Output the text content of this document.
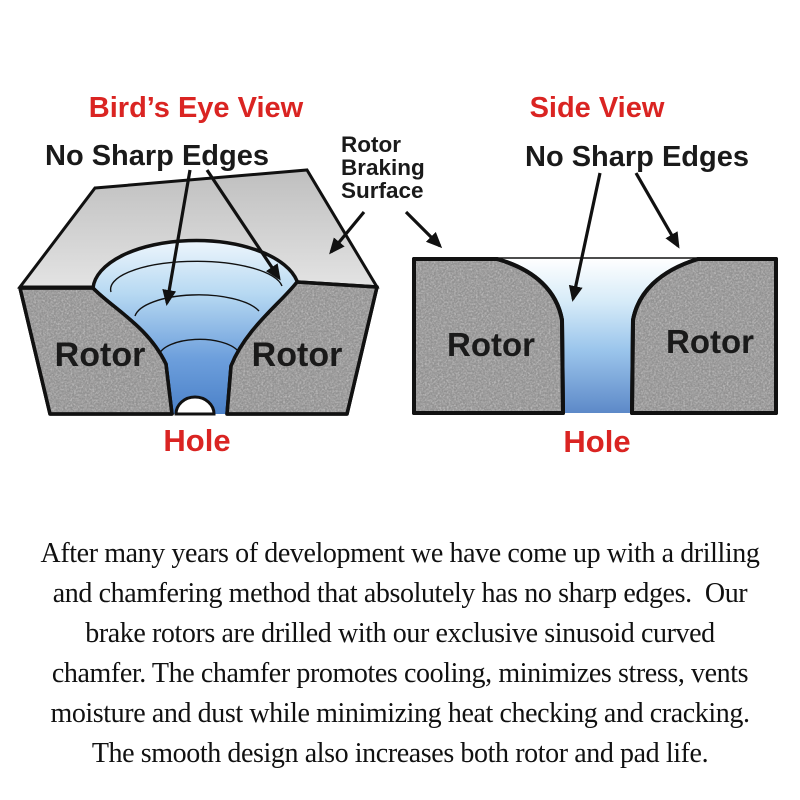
Bird’s Eye View
No Sharp Edges	Rotor Braking Surface
Side View
No Sharp Edges
Rotor	Rotor	Rotor	Rotor
Hole	Hole
After many years of development we have come up with a drilling
and chamfering method that absolutely has no sharp edges.  Our
brake rotors are drilled with our exclusive sinusoid curved
chamfer. The chamfer promotes cooling, minimizes stress, vents
moisture and dust while minimizing heat checking and cracking.
The smooth design also increases both rotor and pad life.
